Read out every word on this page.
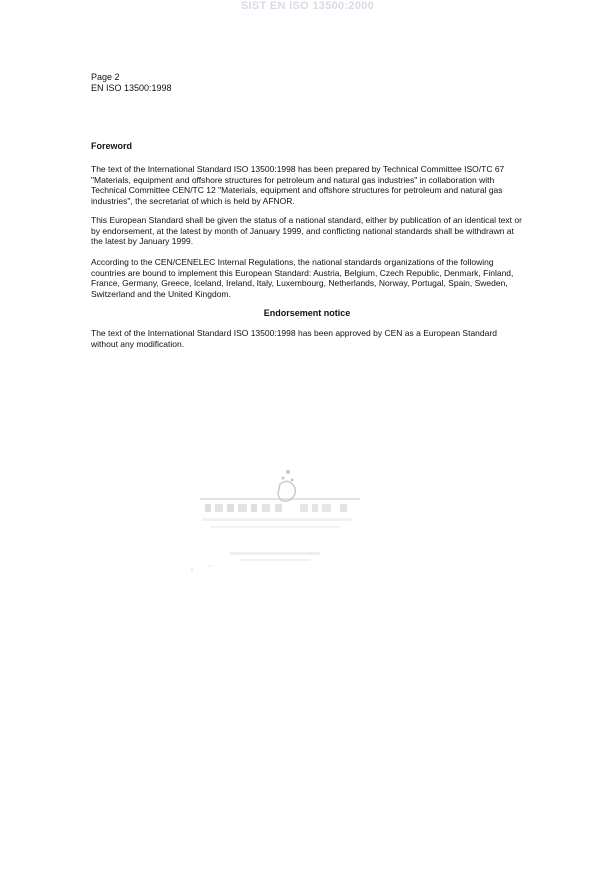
SIST EN ISO 13500:2000
Page 2
EN ISO 13500:1998
Foreword

The text of the International Standard ISO 13500:1998 has been prepared by Technical Committee ISO/TC 67 "Materials, equipment and offshore structures for petroleum and natural gas industries" in collaboration with Technical Committee CEN/TC 12 "Materials, equipment and offshore structures for petroleum and natural gas industries", the secretariat of which is held by AFNOR.

This European Standard shall be given the status of a national standard, either by publication of an identical text or by endorsement, at the latest by month of January 1999, and conflicting national standards shall be withdrawn at the latest by January 1999.

According to the CEN/CENELEC Internal Regulations, the national standards organizations of the following countries are bound to implement this European Standard: Austria, Belgium, Czech Republic, Denmark, Finland, France, Germany, Greece, Iceland, Ireland, Italy, Luxembourg, Netherlands, Norway, Portugal, Spain, Sweden, Switzerland and the United Kingdom.

Endorsement notice

The text of the International Standard ISO 13500:1998 has been approved by CEN as a European Standard without any modification.
